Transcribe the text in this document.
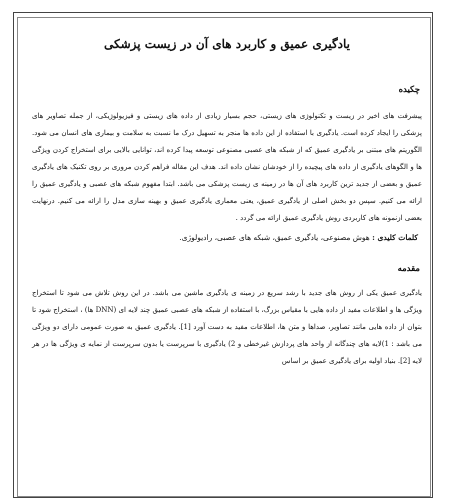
یادگیری عمیق و کاربرد های آن در زیست پزشکی
چکیده
پیشرفت های اخیر در زیست و تکنولوژی های زیستی، حجم بسیار زیادی از داده های زیستی و فیزیولوژیکی، از جمله تصاویر های پزشکی را ایجاد کرده است. یادگیری با استفاده از این داده ها منجر به تسهیل درک ما نسبت به سلامت و بیماری های انسان می شود. الگوریتم های مبتنی بر یادگیری عمیق که از شبکه های عصبی مصنوعی توسعه پیدا کرده اند، توانایی بالایی برای استخراج کردن ویژگی ها و الگوهای یادگیری از داده های پیچیده را از خودشان نشان داده اند. هدف این مقاله فراهم کردن مروری بر روی تکنیک های یادگیری عمیق و بعضی از جدید ترین کاربرد های آن ها در زمینه ی زیست پزشکی می باشد. ابتدا مفهوم شبکه های عصبی و یادگیری عمیق را ارائه می کنیم. سپس دو بخش اصلی از یادگیری عمیق، یعنی معماری یادگیری عمیق و بهینه سازی مدل را ارائه می کنیم. درنهایت بعضی ازنمونه های کاربردی روش یادگیری عمیق ارائه می گردد .
کلمات کلیدی : هوش مصنوعی، یادگیری عمیق، شبکه های عصبی، رادیولوژی.
مقدمه
یادگیری عمیق یکی از روش های جدید با رشد سریع در زمینه ی یادگیری ماشین می باشد. در این روش تلاش می شود تا استخراج ویژگی ها و اطلاعات مفید از داده هایی با مقیاس بزرگ، با استفاده از شبکه های عصبی عمیق چند لایه ای (DNN ها) ، استخراج شود تا بتوان از داده هایی مانند تصاویر، صداها و متن ها، اطلاعات مفید به دست آورد [1]. یادگیری عمیق به صورت عمومی دارای دو ویژگی می باشد : 1)لایه های چندگانه از واحد های پردازش غیرخطی و 2) یادگیری با سرپرست یا بدون سرپرست از نمایه ی ویژگی ها در هر لایه [2]. بنیاد اولیه برای یادگیری عمیق بر اساس
